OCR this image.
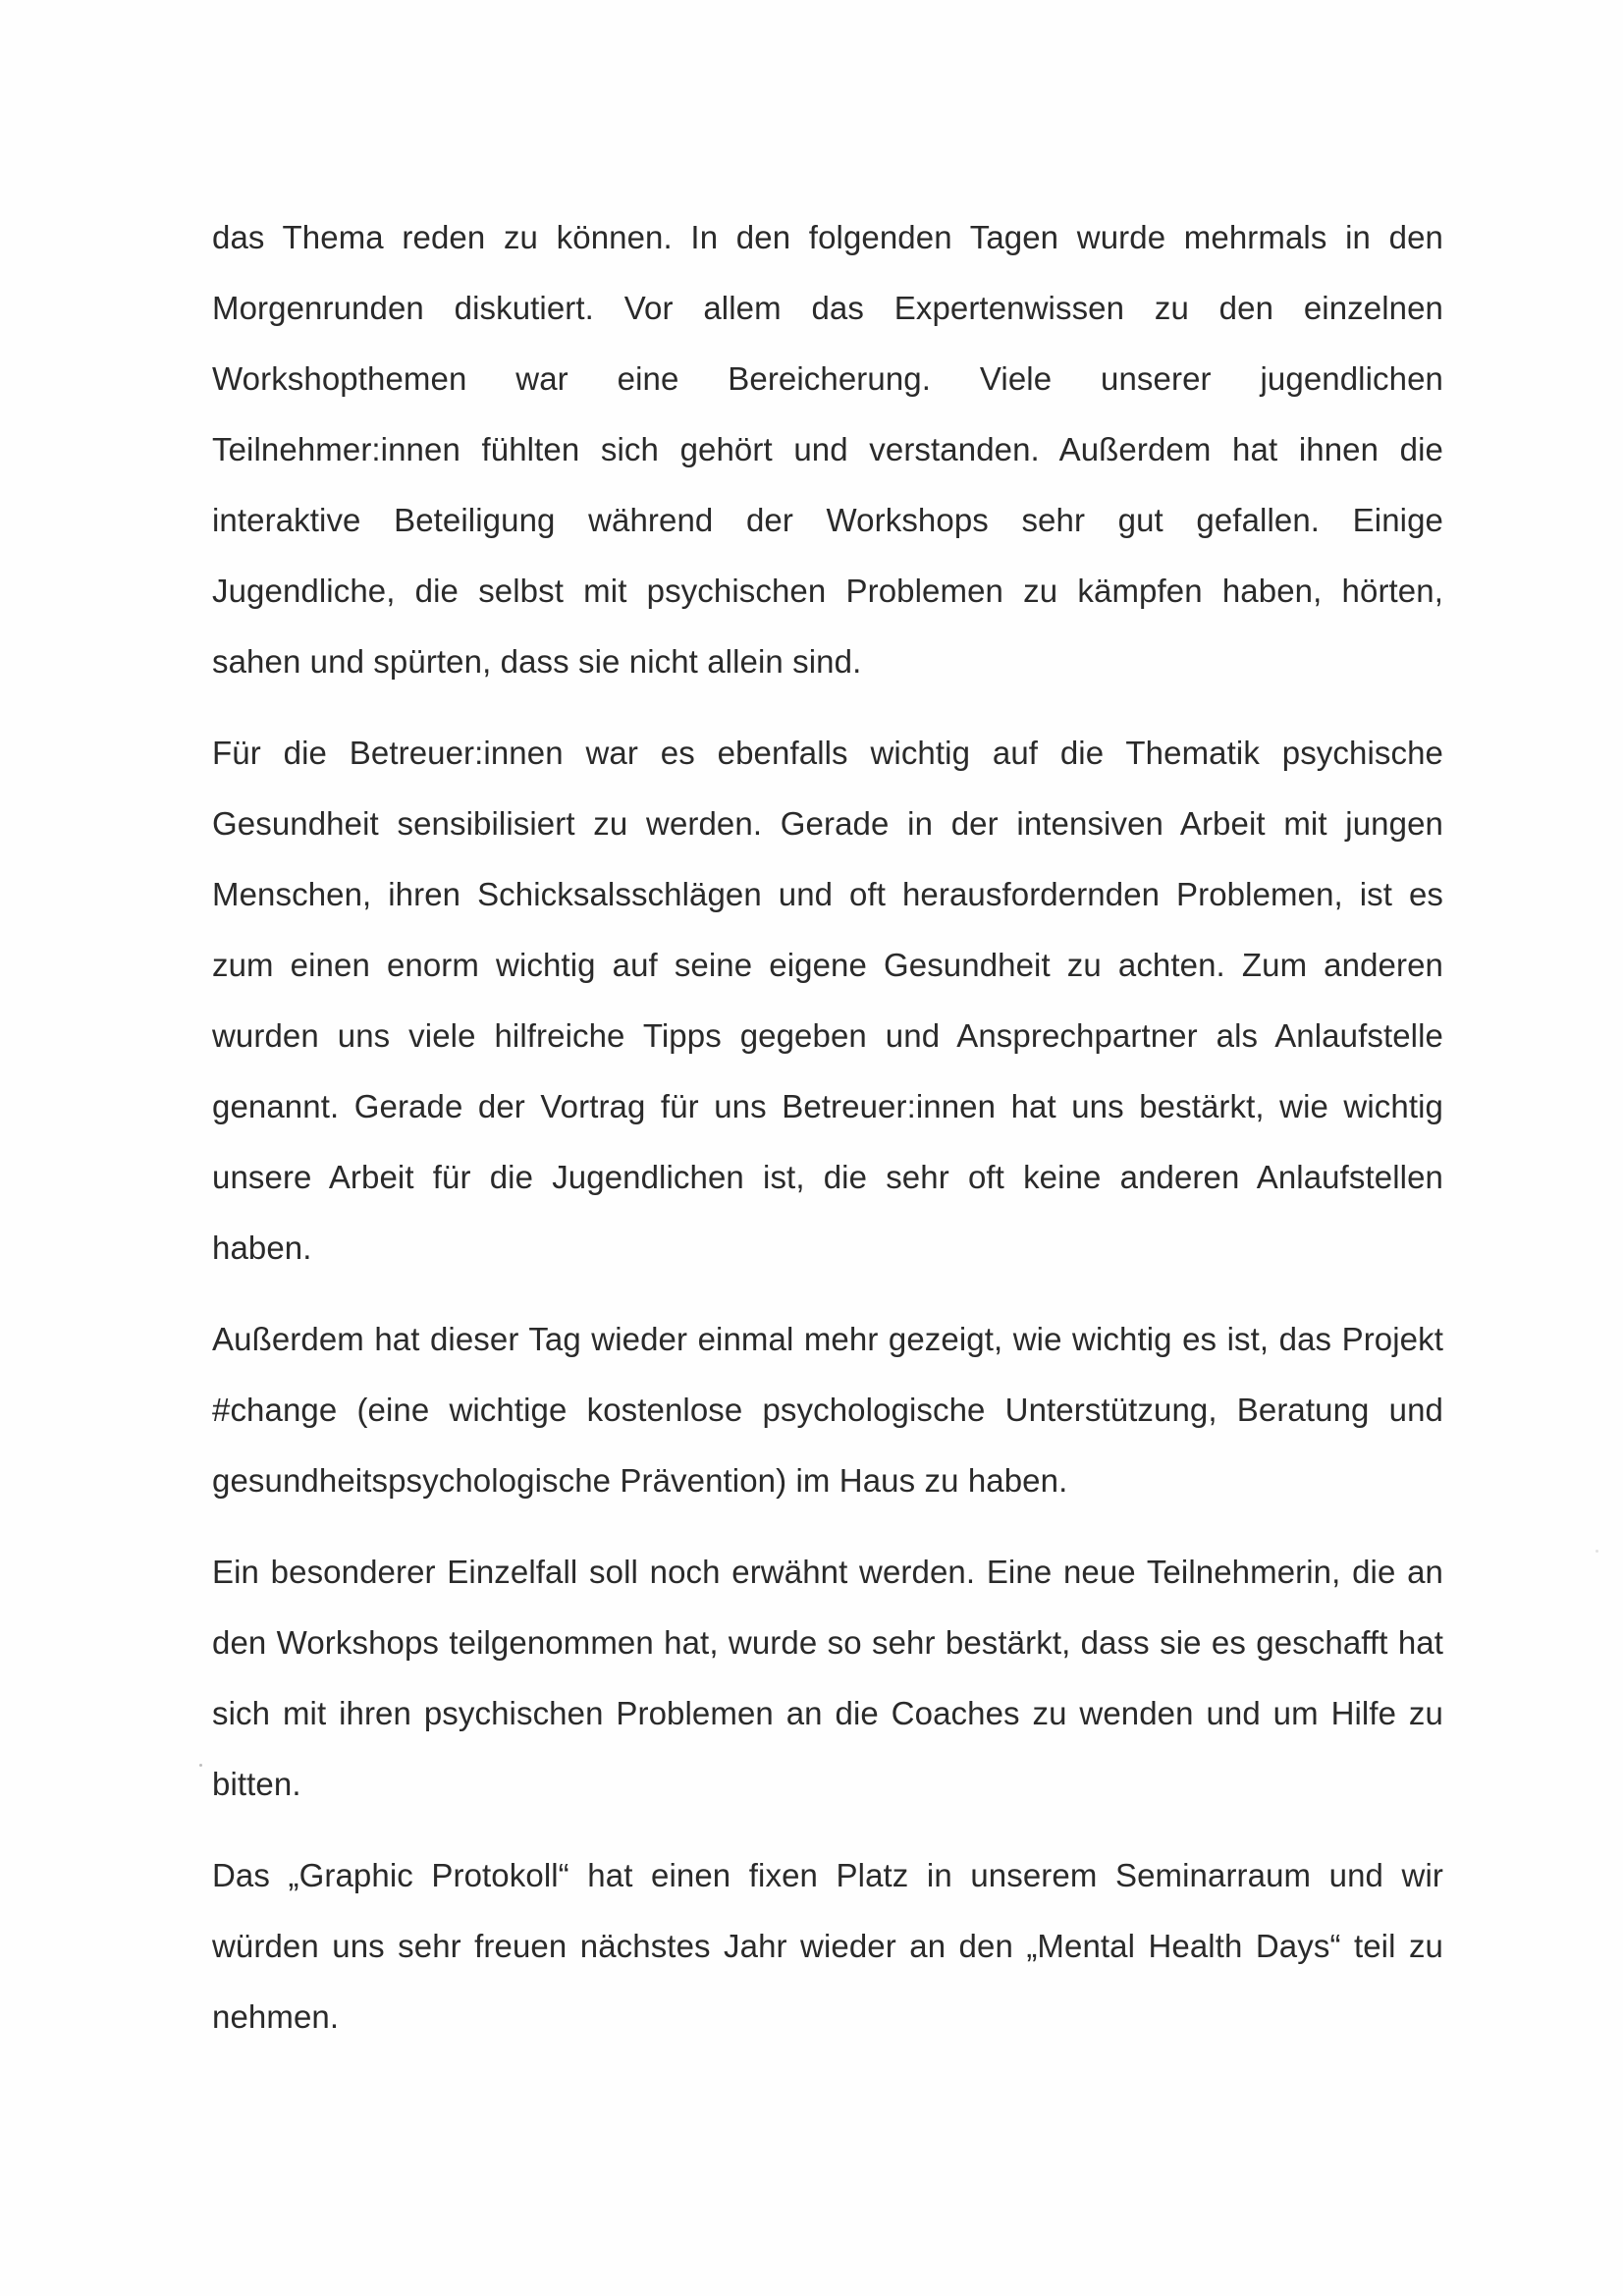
das Thema reden zu können. In den folgenden Tagen wurde mehrmals in den Morgenrunden diskutiert. Vor allem das Expertenwissen zu den einzelnen Workshopthemen war eine Bereicherung. Viele unserer jugendlichen Teilnehmer:innen fühlten sich gehört und verstanden. Außerdem hat ihnen die interaktive Beteiligung während der Workshops sehr gut gefallen. Einige Jugendliche, die selbst mit psychischen Problemen zu kämpfen haben, hörten, sahen und spürten, dass sie nicht allein sind.

Für die Betreuer:innen war es ebenfalls wichtig auf die Thematik psychische Gesundheit sensibilisiert zu werden. Gerade in der intensiven Arbeit mit jungen Menschen, ihren Schicksalsschlägen und oft herausfordernden Problemen, ist es zum einen enorm wichtig auf seine eigene Gesundheit zu achten. Zum anderen wurden uns viele hilfreiche Tipps gegeben und Ansprechpartner als Anlaufstelle genannt. Gerade der Vortrag für uns Betreuer:innen hat uns bestärkt, wie wichtig unsere Arbeit für die Jugendlichen ist, die sehr oft keine anderen Anlaufstellen haben.

Außerdem hat dieser Tag wieder einmal mehr gezeigt, wie wichtig es ist, das Projekt #change (eine wichtige kostenlose psychologische Unterstützung, Beratung und gesundheitspsychologische Prävention) im Haus zu haben.

Ein besonderer Einzelfall soll noch erwähnt werden. Eine neue Teilnehmerin, die an den Workshops teilgenommen hat, wurde so sehr bestärkt, dass sie es geschafft hat sich mit ihren psychischen Problemen an die Coaches zu wenden und um Hilfe zu bitten.

Das „Graphic Protokoll“ hat einen fixen Platz in unserem Seminarraum und wir würden uns sehr freuen nächstes Jahr wieder an den „Mental Health Days“ teil zu nehmen.
